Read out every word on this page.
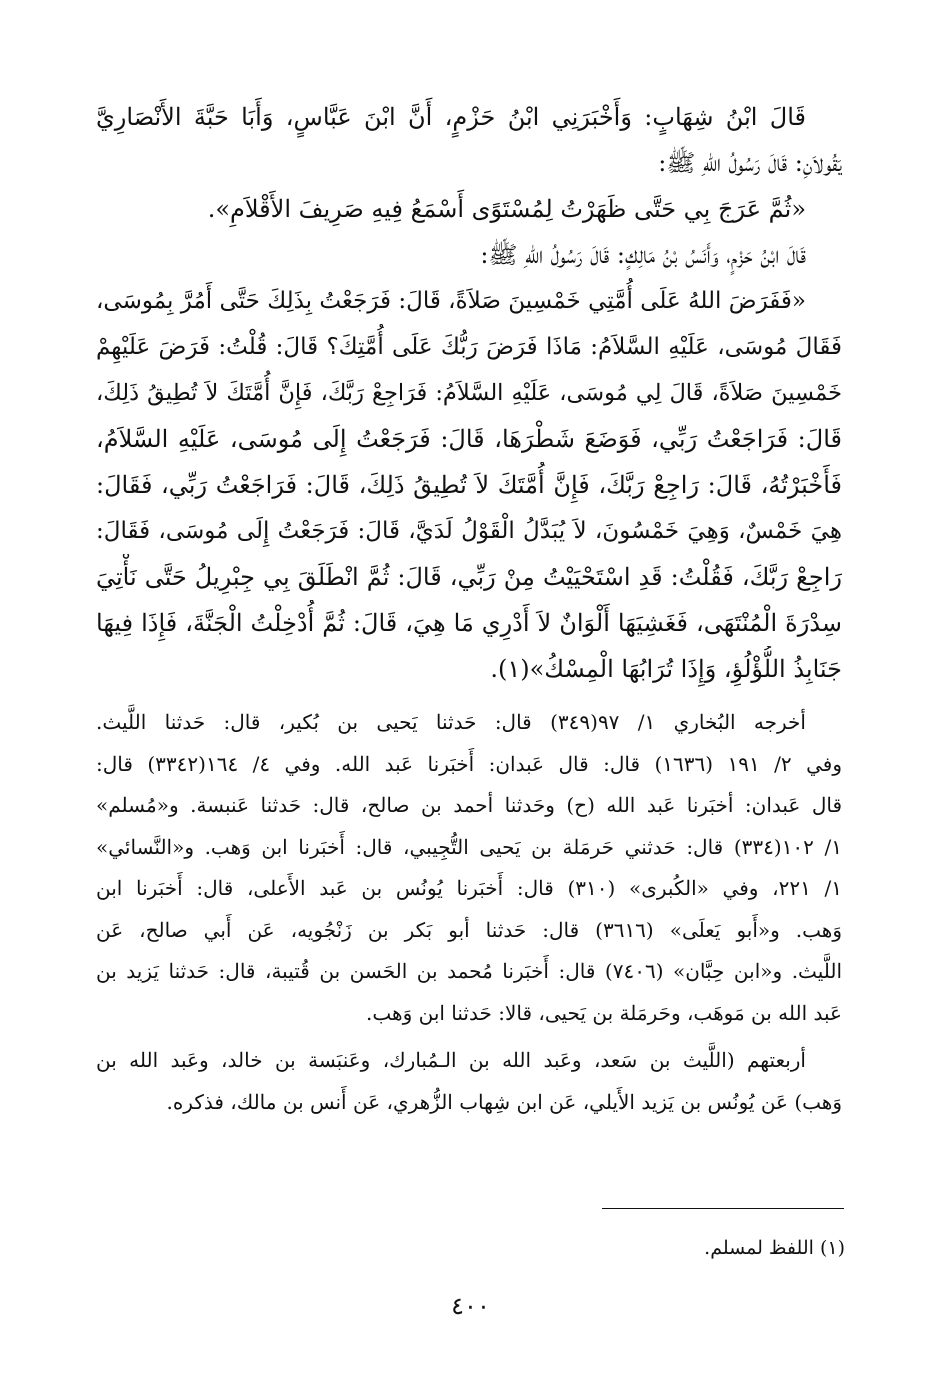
قَالَ ابْنُ شِهَابٍ: وَأَخْبَرَنِي ابْنُ حَزْمٍ، أَنَّ ابْنَ عَبَّاسٍ، وَأَبَا حَبَّةَ الأَنْصَارِيَّ
يَقُولاَنِ: قَالَ رَسُولُ اللهِ ﷺ:
«ثُمَّ عَرَجَ بِي حَتَّى ظَهَرْتُ لِمُسْتَوًى أَسْمَعُ فِيهِ صَرِيفَ الأَقْلاَمِ».
قَالَ ابْنُ حَزْمٍ، وَأَنَسُ بْنُ مَالِكٍ: قَالَ رَسُولُ اللهِ ﷺ:
«فَفَرَضَ اللهُ عَلَى أُمَّتِي خَمْسِينَ صَلاَةً، قَالَ: فَرَجَعْتُ بِذَلِكَ حَتَّى أَمُرَّ بِمُوسَى،
فَقَالَ مُوسَى، عَلَيْهِ السَّلاَمُ: مَاذَا فَرَضَ رَبُّكَ عَلَى أُمَّتِكَ؟ قَالَ: قُلْتُ: فَرَضَ عَلَيْهِمْ
خَمْسِينَ صَلاَةً، قَالَ لِي مُوسَى، عَلَيْهِ السَّلاَمُ: فَرَاجِعْ رَبَّكَ، فَإِنَّ أُمَّتَكَ لاَ تُطِيقُ ذَلِكَ،
قَالَ: فَرَاجَعْتُ رَبِّي، فَوَضَعَ شَطْرَهَا، قَالَ: فَرَجَعْتُ إِلَى مُوسَى، عَلَيْهِ السَّلاَمُ،
فَأَخْبَرْتُهُ، قَالَ: رَاجِعْ رَبَّكَ، فَإِنَّ أُمَّتَكَ لاَ تُطِيقُ ذَلِكَ، قَالَ: فَرَاجَعْتُ رَبِّي، فَقَالَ:
هِيَ خَمْسٌ، وَهِيَ خَمْسُونَ، لاَ يُبَدَّلُ الْقَوْلُ لَدَيَّ، قَالَ: فَرَجَعْتُ إِلَى مُوسَى، فَقَالَ:
رَاجِعْ رَبَّكَ، فَقُلْتُ: قَدِ اسْتَحْيَيْتُ مِنْ رَبِّي، قَالَ: ثُمَّ انْطَلَقَ بِي جِبْرِيلُ حَتَّى نَأْتِيَ
سِدْرَةَ الْمُنْتَهَى، فَغَشِيَهَا أَلْوَانٌ لاَ أَدْرِي مَا هِيَ، قَالَ: ثُمَّ أُدْخِلْتُ الْجَنَّةَ، فَإِذَا فِيهَا
جَنَابِذُ اللُّؤْلُؤِ، وَإِذَا تُرَابُهَا الْمِسْكُ»(١).
أخرجه البُخاري ١/ ٩٧(٣٤٩) قال: حَدثنا يَحيى بن بُكير، قال: حَدثنا اللَّيث.
وفي ٢/ ١٩١ (١٦٣٦) قال: قال عَبدان: أَخبَرنا عَبد الله. وفي ٤/ ١٦٤(٣٣٤٢) قال:
قال عَبدان: أخبَرنا عَبد الله (ح) وحَدثنا أحمد بن صالح، قال: حَدثنا عَنبسة. و«مُسلم»
١/ ١٠٢(٣٣٤) قال: حَدثني حَرمَلة بن يَحيى التُّجِيبي، قال: أَخبَرنا ابن وَهب. و«النَّسائي»
١/ ٢٢١، وفي «الكُبرى» (٣١٠) قال: أَخبَرنا يُونُس بن عَبد الأَعلى، قال: أَخبَرنا ابن
وَهب. و«أَبو يَعلَى» (٣٦١٦) قال: حَدثنا أبو بَكر بن زَنْجُويه، عَن أَبي صالح، عَن
اللَّيث. و«ابن حِبَّان» (٧٤٠٦) قال: أَخبَرنا مُحمد بن الحَسن بن قُتيبة، قال: حَدثنا يَزيد بن
عَبد الله بن مَوهَب، وحَرمَلة بن يَحيى، قالا: حَدثنا ابن وَهب.
أربعتهم (اللَّيث بن سَعد، وعَبد الله بن الـمُبارك، وعَنبَسة بن خالد، وعَبد الله بن
وَهب) عَن يُونُس بن يَزيد الأَيلي، عَن ابن شِهاب الزُّهري، عَن أَنس بن مالك، فذكره.
(١) اللفظ لمسلم.
٤٠٠
